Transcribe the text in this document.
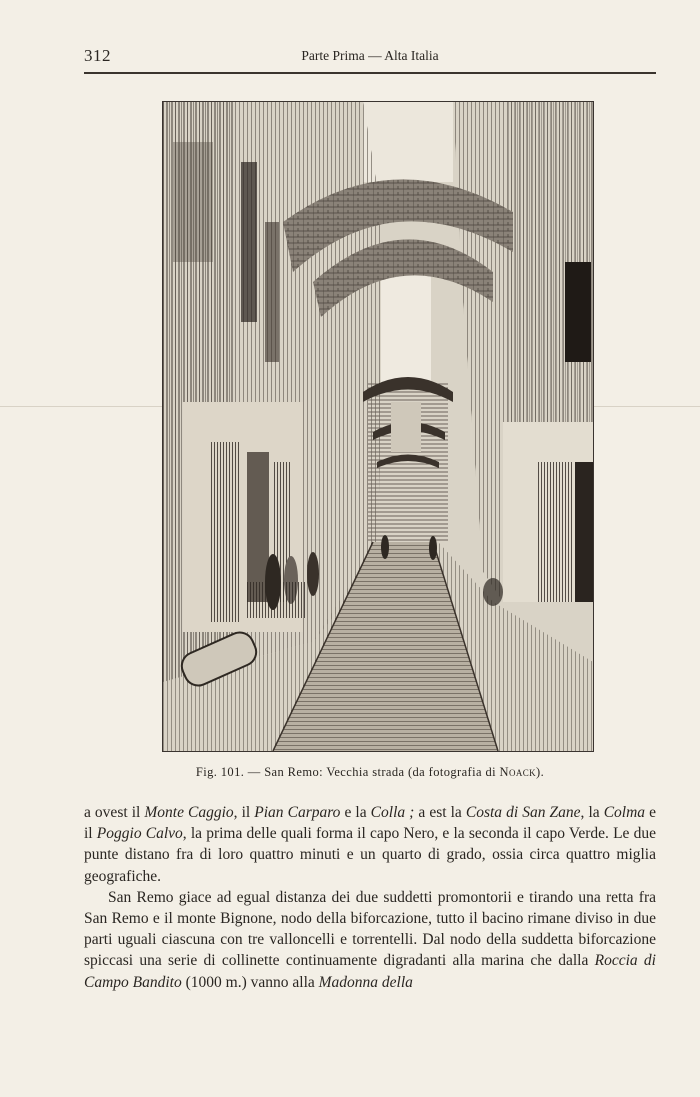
312	Parte Prima — Alta Italia
Fig. 101. — San Remo: Vecchia strada (da fotografia di Noack).

a ovest il Monte Caggio, il Pian Carparo e la Colla ; a est la Costa di San Zane, la Colma e il Poggio Calvo, la prima delle quali forma il capo Nero, e la seconda il capo Verde. Le due punte distano fra di loro quattro minuti e un quarto di grado, ossia circa quattro miglia geografiche.

San Remo giace ad egual distanza dei due suddetti promontorii e tirando una retta fra San Remo e il monte Bignone, nodo della biforcazione, tutto il bacino rimane diviso in due parti uguali ciascuna con tre valloncelli e torrentelli. Dal nodo della suddetta biforcazione spiccasi una serie di collinette continuamente digradanti alla marina che dalla Roccia di Campo Bandito (1000 m.) vanno alla Madonna della
